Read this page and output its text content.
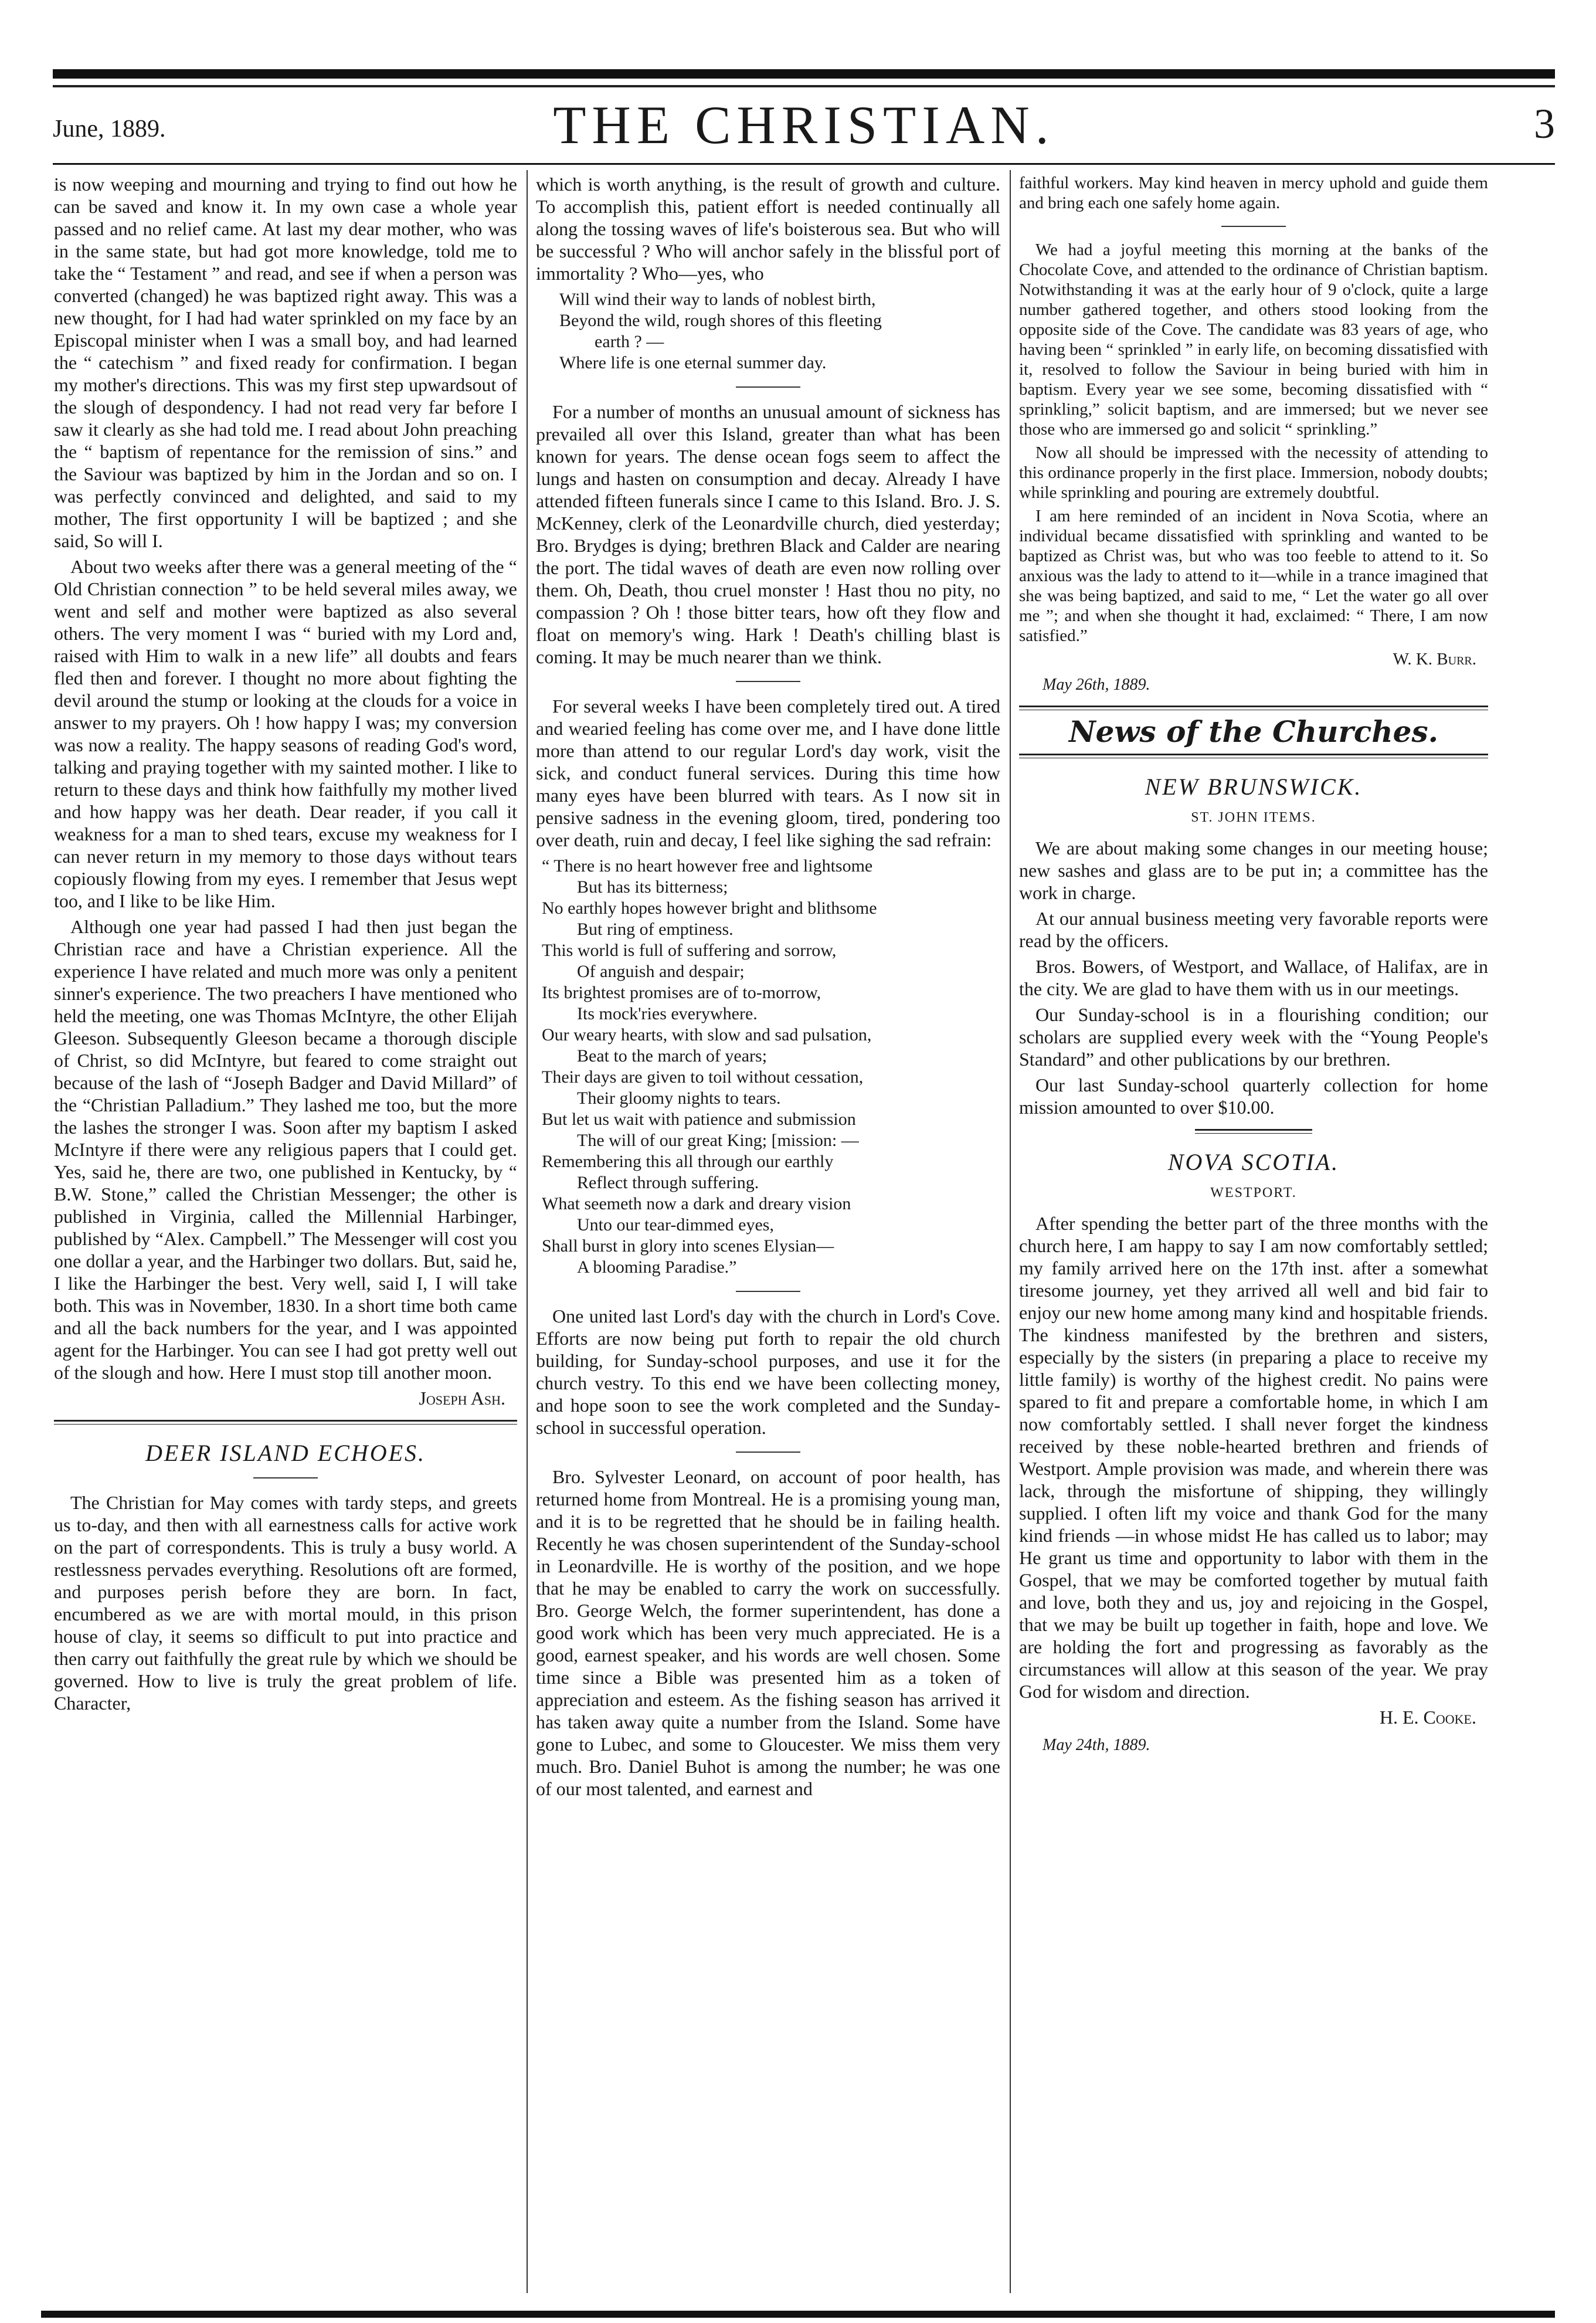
June, 1889.	THE CHRISTIAN.	3

is now weeping and mourning and trying to find out how he can be saved and know it. In my own case a whole year passed and no relief came. At last my dear mother, who was in the same state, but had got more knowledge, told me to take the “ Testament ” and read, and see if when a person was converted (changed) he was baptized right away. This was a new thought, for I had had water sprinkled on my face by an Episcopal minister when I was a small boy, and had learned the “ catechism ” and fixed ready for confirmation. I began my mother's directions. This was my first step upwardsout of the slough of despondency. I had not read very far before I saw it clearly as she had told me. I read about John preaching the “ baptism of repentance for the remission of sins.” and the Saviour was baptized by him in the Jordan and so on. I was perfectly convinced and delighted, and said to my mother, The first opportunity I will be baptized ; and she said, So will I.

About two weeks after there was a general meeting of the “ Old Christian connection ” to be held several miles away, we went and self and mother were baptized as also several others. The very moment I was “ buried with my Lord and, raised with Him to walk in a new life” all doubts and fears fled then and forever. I thought no more about fighting the devil around the stump or looking at the clouds for a voice in answer to my prayers. Oh ! how happy I was; my conversion was now a reality. The happy seasons of reading God's word, talking and praying together with my sainted mother. I like to return to these days and think how faithfully my mother lived and how happy was her death. Dear reader, if you call it weakness for a man to shed tears, excuse my weakness for I can never return in my memory to those days without tears copiously flowing from my eyes. I remember that Jesus wept too, and I like to be like Him.

Although one year had passed I had then just began the Christian race and have a Christian experience. All the experience I have related and much more was only a penitent sinner's experience. The two preachers I have mentioned who held the meeting, one was Thomas McIntyre, the other Elijah Gleeson. Subsequently Gleeson became a thorough disciple of Christ, so did McIntyre, but feared to come straight out because of the lash of “Joseph Badger and David Millard” of the “Christian Palladium.” They lashed me too, but the more the lashes the stronger I was. Soon after my baptism I asked McIntyre if there were any religious papers that I could get. Yes, said he, there are two, one published in Kentucky, by “ B.W. Stone,” called the Christian Messenger; the other is published in Virginia, called the Millennial Harbinger, published by “Alex. Campbell.” The Messenger will cost you one dollar a year, and the Harbinger two dollars. But, said he, I like the Harbinger the best. Very well, said I, I will take both. This was in November, 1830. In a short time both came and all the back numbers for the year, and I was appointed agent for the Harbinger. You can see I had got pretty well out of the slough and how. Here I must stop till another moon.

Joseph Ash.
DEER ISLAND ECHOES.

The Christian for May comes with tardy steps, and greets us to-day, and then with all earnestness calls for active work on the part of correspondents. This is truly a busy world. A restlessness pervades everything. Resolutions oft are formed, and purposes perish before they are born. In fact, encumbered as we are with mortal mould, in this prison house of clay, it seems so difficult to put into practice and then carry out faithfully the great rule by which we should be governed. How to live is truly the great problem of life. Character,

which is worth anything, is the result of growth and culture. To accomplish this, patient effort is needed continually all along the tossing waves of life's boisterous sea. But who will be successful ? Who will anchor safely in the blissful port of immortality ? Who—yes, who

Will wind their way to lands of noblest birth,
Beyond the wild, rough shores of this fleeting
earth ? —
Where life is one eternal summer day.

For a number of months an unusual amount of sickness has prevailed all over this Island, greater than what has been known for years. The dense ocean fogs seem to affect the lungs and hasten on consumption and decay. Already I have attended fifteen funerals since I came to this Island. Bro. J. S. McKenney, clerk of the Leonardville church, died yesterday; Bro. Brydges is dying; brethren Black and Calder are nearing the port. The tidal waves of death are even now rolling over them. Oh, Death, thou cruel monster ! Hast thou no pity, no compassion ? Oh ! those bitter tears, how oft they flow and float on memory's wing. Hark ! Death's chilling blast is coming. It may be much nearer than we think.

For several weeks I have been completely tired out. A tired and wearied feeling has come over me, and I have done little more than attend to our regular Lord's day work, visit the sick, and conduct funeral services. During this time how many eyes have been blurred with tears. As I now sit in pensive sadness in the evening gloom, tired, pondering too over death, ruin and decay, I feel like sighing the sad refrain:

“ There is no heart however free and lightsome
But has its bitterness;
No earthly hopes however bright and blithsome
But ring of emptiness.
This world is full of suffering and sorrow,
Of anguish and despair;
Its brightest promises are of to-morrow,
Its mock'ries everywhere.
Our weary hearts, with slow and sad pulsation,
Beat to the march of years;
Their days are given to toil without cessation,
Their gloomy nights to tears.
But let us wait with patience and submission
The will of our great King; [mission: —
Remembering this all through our earthly
Reflect through suffering.
What seemeth now a dark and dreary vision
Unto our tear-dimmed eyes,
Shall burst in glory into scenes Elysian—
A blooming Paradise.”

One united last Lord's day with the church in Lord's Cove. Efforts are now being put forth to repair the old church building, for Sunday-school purposes, and use it for the church vestry. To this end we have been collecting money, and hope soon to see the work completed and the Sunday-school in successful operation.

Bro. Sylvester Leonard, on account of poor health, has returned home from Montreal. He is a promising young man, and it is to be regretted that he should be in failing health. Recently he was chosen superintendent of the Sunday-school in Leonardville. He is worthy of the position, and we hope that he may be enabled to carry the work on successfully. Bro. George Welch, the former superintendent, has done a good work which has been very much appreciated. He is a good, earnest speaker, and his words are well chosen. Some time since a Bible was presented him as a token of appreciation and esteem. As the fishing season has arrived it has taken away quite a number from the Island. Some have gone to Lubec, and some to Gloucester. We miss them very much. Bro. Daniel Buhot is among the number; he was one of our most talented, and earnest and

faithful workers. May kind heaven in mercy uphold and guide them and bring each one safely home again.

We had a joyful meeting this morning at the banks of the Chocolate Cove, and attended to the ordinance of Christian baptism. Notwithstanding it was at the early hour of 9 o'clock, quite a large number gathered together, and others stood looking from the opposite side of the Cove. The candidate was 83 years of age, who having been “ sprinkled ” in early life, on becoming dissatisfied with it, resolved to follow the Saviour in being buried with him in baptism. Every year we see some, becoming dissatisfied with “ sprinkling,” solicit baptism, and are immersed; but we never see those who are immersed go and solicit “ sprinkling.”

Now all should be impressed with the necessity of attending to this ordinance properly in the first place. Immersion, nobody doubts; while sprinkling and pouring are extremely doubtful.

I am here reminded of an incident in Nova Scotia, where an individual became dissatisfied with sprinkling and wanted to be baptized as Christ was, but who was too feeble to attend to it. So anxious was the lady to attend to it—while in a trance imagined that she was being baptized, and said to me, “ Let the water go all over me ”; and when she thought it had, exclaimed: “ There, I am now satisfied.”

W. K. Burr.
May 26th, 1889.
News of the Churches.
NEW BRUNSWICK.
ST. JOHN ITEMS.

We are about making some changes in our meeting house; new sashes and glass are to be put in; a committee has the work in charge.

At our annual business meeting very favorable reports were read by the officers.

Bros. Bowers, of Westport, and Wallace, of Halifax, are in the city. We are glad to have them with us in our meetings.

Our Sunday-school is in a flourishing condition; our scholars are supplied every week with the “Young People's Standard” and other publications by our brethren.

Our last Sunday-school quarterly collection for home mission amounted to over $10.00.

NOVA SCOTIA.
WESTPORT.

After spending the better part of the three months with the church here, I am happy to say I am now comfortably settled; my family arrived here on the 17th inst. after a somewhat tiresome journey, yet they arrived all well and bid fair to enjoy our new home among many kind and hospitable friends. The kindness manifested by the brethren and sisters, especially by the sisters (in preparing a place to receive my little family) is worthy of the highest credit. No pains were spared to fit and prepare a comfortable home, in which I am now comfortably settled. I shall never forget the kindness received by these noble-hearted brethren and friends of Westport. Ample provision was made, and wherein there was lack, through the misfortune of shipping, they willingly supplied. I often lift my voice and thank God for the many kind friends —in whose midst He has called us to labor; may He grant us time and opportunity to labor with them in the Gospel, that we may be comforted together by mutual faith and love, both they and us, joy and rejoicing in the Gospel, that we may be built up together in faith, hope and love. We are holding the fort and progressing as favorably as the circumstances will allow at this season of the year. We pray God for wisdom and direction.

H. E. Cooke.
May 24th, 1889.
